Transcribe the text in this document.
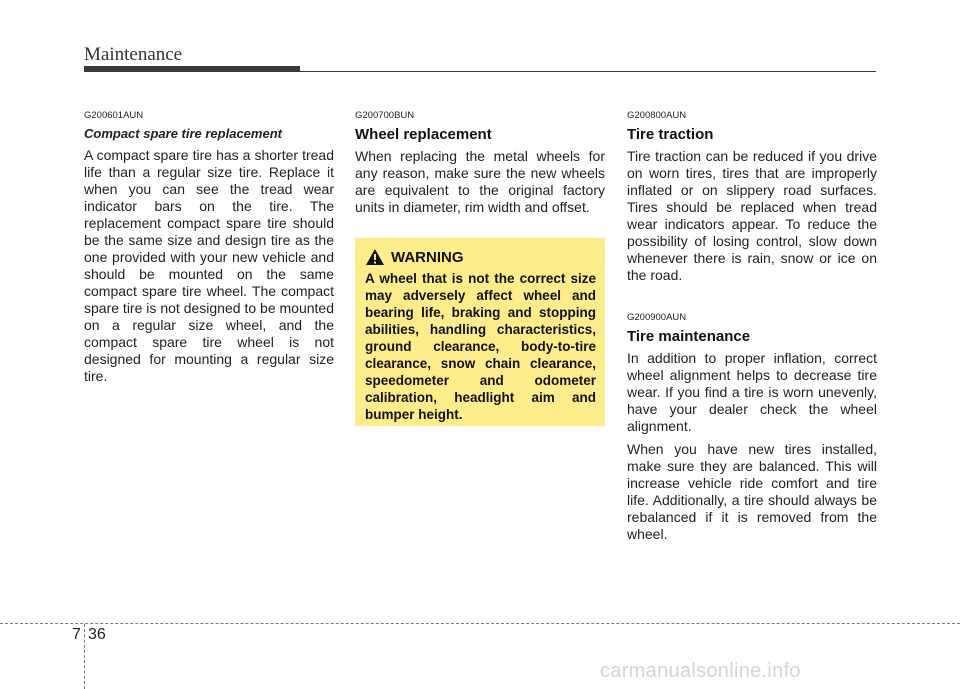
Maintenance
G200601AUN
Compact spare tire replacement

A compact spare tire has a shorter tread life than a regular size tire. Replace it when you can see the tread wear indicator bars on the tire. The replacement compact spare tire should be the same size and design tire as the one provided with your new vehicle and should be mounted on the same compact spare tire wheel. The compact spare tire is not designed to be mounted on a regular size wheel, and the compact spare tire wheel is not designed for mounting a regular size tire.

G200700BUN
Wheel replacement

When replacing the metal wheels for any reason, make sure the new wheels are equivalent to the original factory units in diameter, rim width and offset.

WARNING
A wheel that is not the correct size may adversely affect wheel and bearing life, braking and stopping abilities, handling characteristics, ground clearance, body-to-tire clearance, snow chain clearance, speedometer and odometer calibration, headlight aim and bumper height.
G200800AUN
Tire traction

Tire traction can be reduced if you drive on worn tires, tires that are improperly inflated or on slippery road surfaces. Tires should be replaced when tread wear indicators appear. To reduce the possibility of losing control, slow down whenever there is rain, snow or ice on the road.

G200900AUN
Tire maintenance

In addition to proper inflation, correct wheel alignment helps to decrease tire wear. If you find a tire is worn unevenly, have your dealer check the wheel alignment.

When you have new tires installed, make sure they are balanced. This will increase vehicle ride comfort and tire life. Additionally, a tire should always be rebalanced if it is removed from the wheel.

7 36
carmanualsonline.info
